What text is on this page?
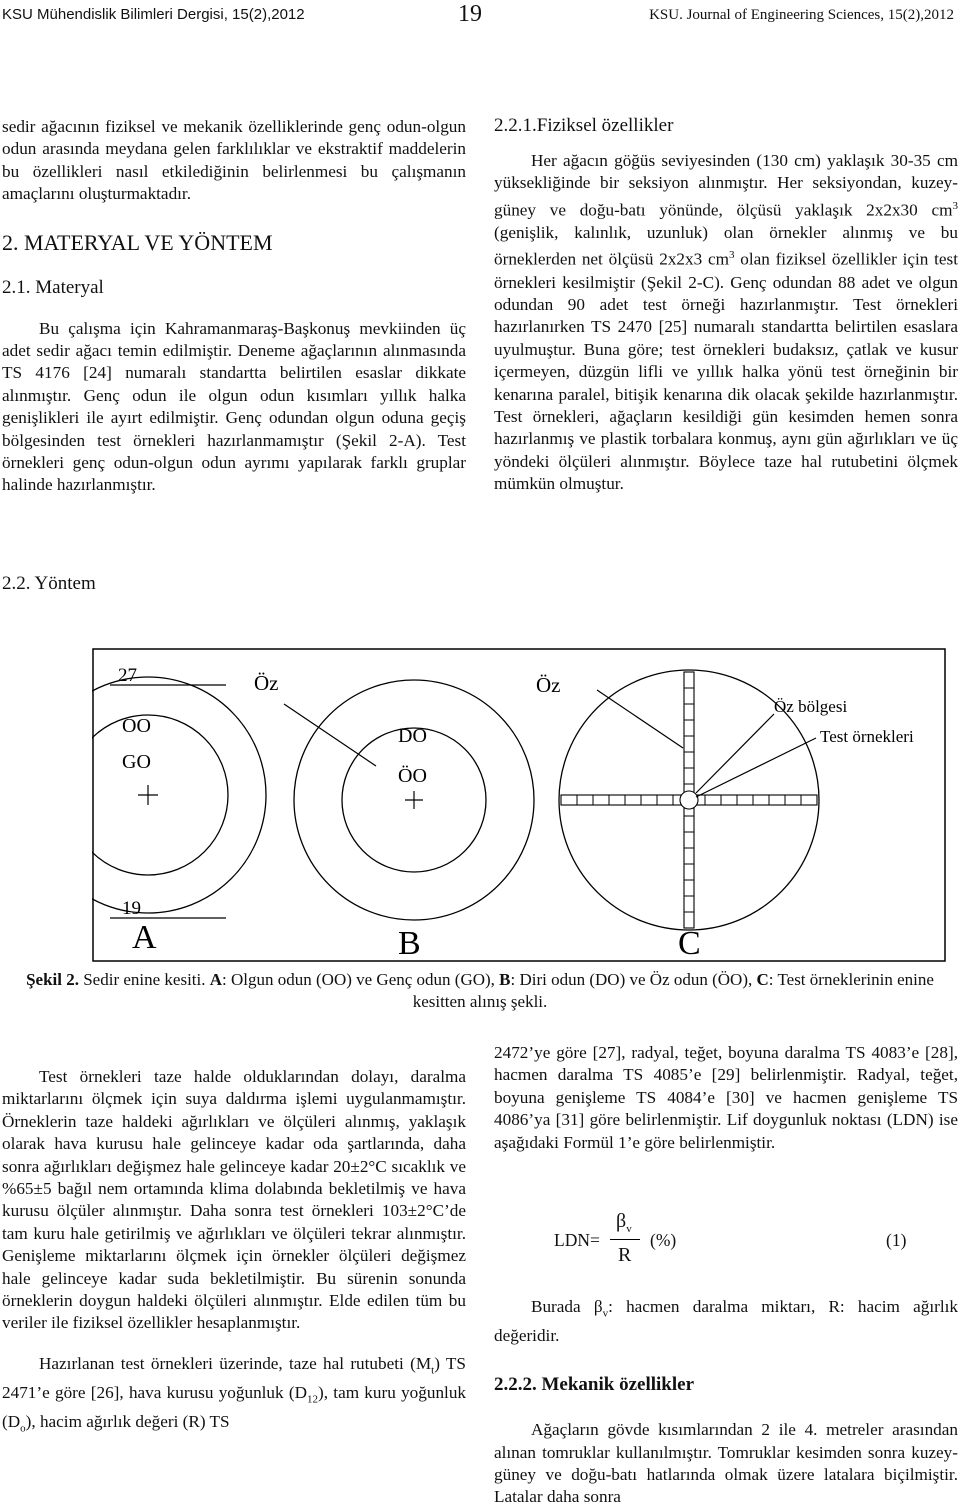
KSU Mühendislik Bilimleri Dergisi, 15(2),2012	19	KSU. Journal of Engineering Sciences, 15(2),2012

sedir ağacının fiziksel ve mekanik özelliklerinde genç odun-olgun odun arasında meydana gelen farklılıklar ve ekstraktif maddelerin bu özellikleri nasıl etkilediğinin belirlenmesi bu çalışmanın amaçlarını oluşturmaktadır.

2. MATERYAL VE YÖNTEM

2.1. Materyal

Bu çalışma için Kahramanmaraş-Başkonuş mevkiinden üç adet sedir ağacı temin edilmiştir. Deneme ağaçlarının alınmasında TS 4176 [24] numaralı standartta belirtilen esaslar dikkate alınmıştır. Genç odun ile olgun odun kısımları yıllık halka genişlikleri ile ayırt edilmiştir. Genç odundan olgun oduna geçiş bölgesinden test örnekleri hazırlanmamıştır (Şekil 2-A). Test örnekleri genç odun-olgun odun ayrımı yapılarak farklı gruplar halinde hazırlanmıştır.

2.2. Yöntem

2.2.1.Fiziksel özellikler

Her ağacın göğüs seviyesinden (130 cm) yaklaşık 30-35 cm yüksekliğinde bir seksiyon alınmıştır. Her seksiyondan, kuzey-güney ve doğu-batı yönünde, ölçüsü yaklaşık 2x2x30 $cm^3$ (genişlik, kalınlık, uzunluk) olan örnekler alınmış ve bu örneklerden net ölçüsü 2x2x3 $cm^3$ olan fiziksel özellikler için test örnekleri kesilmiştir (Şekil 2-C). Genç odundan 88 adet ve olgun odundan 90 adet test örneği hazırlanmıştır. Test örnekleri hazırlanırken TS 2470 [25] numaralı standartta belirtilen esaslara uyulmuştur. Buna göre; test örnekleri budaksız, çatlak ve kusur içermeyen, düzgün lifli ve yıllık halka yönü test örneğinin bir kenarına paralel, bitişik kenarına dik olacak şekilde hazırlanmıştır. Test örnekleri, ağaçların kesildiği gün kesimden hemen sonra hazırlanmış ve plastik torbalara konmuş, aynı gün ağırlıkları ve üç yöndeki ölçüleri alınmıştır. Böylece taze hal rutubetini ölçmek mümkün olmuştur.

27
19
OO
GO
A
Öz
DO
ÖO
B
Öz
Öz bölgesi
Test örnekleri
C
Şekil 2. Sedir enine kesiti. A: Olgun odun (OO) ve Genç odun (GO), B: Diri odun (DO) ve Öz odun (ÖO), C: Test örneklerinin enine kesitten alınış şekli.

Test örnekleri taze halde olduklarından dolayı, daralma miktarlarını ölçmek için suya daldırma işlemi uygulanmamıştır. Örneklerin taze haldeki ağırlıkları ve ölçüleri alınmış, yaklaşık olarak hava kurusu hale gelinceye kadar oda şartlarında, daha sonra ağırlıkları değişmez hale gelinceye kadar 20±2°C sıcaklık ve %65±5 bağıl nem ortamında klima dolabında bekletilmiş ve hava kurusu ölçüler alınmıştır. Daha sonra test örnekleri 103±2°C’de tam kuru hale getirilmiş ve ağırlıkları ve ölçüleri tekrar alınmıştır. Genişleme miktarlarını ölçmek için örnekler ölçüleri değişmez hale gelinceye kadar suda bekletilmiştir. Bu sürenin sonunda örneklerin doygun haldeki ölçüleri alınmıştır. Elde edilen tüm bu veriler ile fiziksel özellikler hesaplanmıştır.

Hazırlanan test örnekleri üzerinde, taze hal rutubeti $(M_t)$ TS 2471’e göre [26], hava kurusu yoğunluk $(D_{12})$, tam kuru yoğunluk $(D_o)$, hacim ağırlık değeri (R) TS

2472’ye göre [27], radyal, teğet, boyuna daralma TS 4083’e [28], hacmen daralma TS 4085’e [29] belirlenmiştir. Radyal, teğet, boyuna genişleme TS 4084’e [30] ve hacmen genişleme TS 4086’ya [31] göre belirlenmiştir. Lif doygunluk noktası (LDN) ise aşağıdaki Formül 1’e göre belirlenmiştir.

LDN=
$\beta_v$
R
(%)	(1)

Burada $\beta_v$: hacmen daralma miktarı, R: hacim ağırlık değeridir.

2.2.2. Mekanik özellikler

Ağaçların gövde kısımlarından 2 ile 4. metreler arasından alınan tomruklar kullanılmıştır. Tomruklar kesimden sonra kuzey-güney ve doğu-batı hatlarında olmak üzere latalara biçilmiştir. Latalar daha sonra
